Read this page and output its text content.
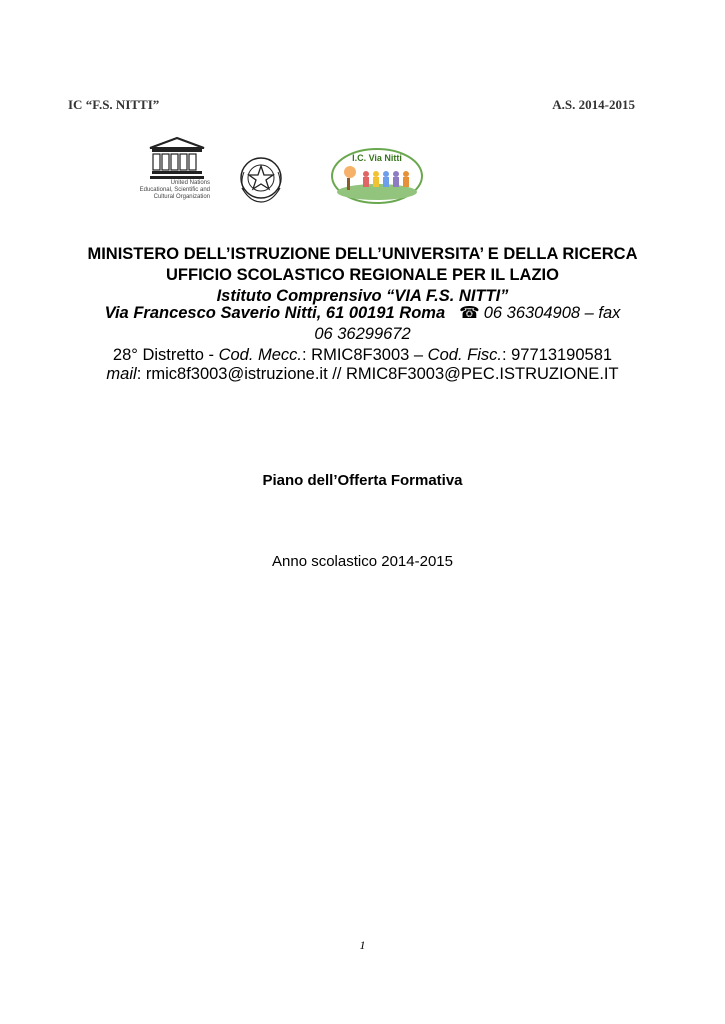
IC “F.S. NITTI”	A.S. 2014-2015
United Nations
Educational, Scientific and
Cultural Organization
I.C. Via Nitti
MINISTERO DELL’ISTRUZIONE DELL’UNIVERSITA’ E DELLA RICERCA
UFFICIO SCOLASTICO REGIONALE PER IL LAZIO
Istituto Comprensivo “VIA F.S. NITTI”
Via Francesco Saverio Nitti, 61 00191 Roma ☎ 06 36304908 – fax
06 36299672
28° Distretto - Cod. Mecc.: RMIC8F3003 – Cod. Fisc.: 97713190581
mail: rmic8f3003@istruzione.it // RMIC8F3003@PEC.ISTRUZIONE.IT
Piano dell’Offerta Formativa
Anno scolastico 2014-2015
1
